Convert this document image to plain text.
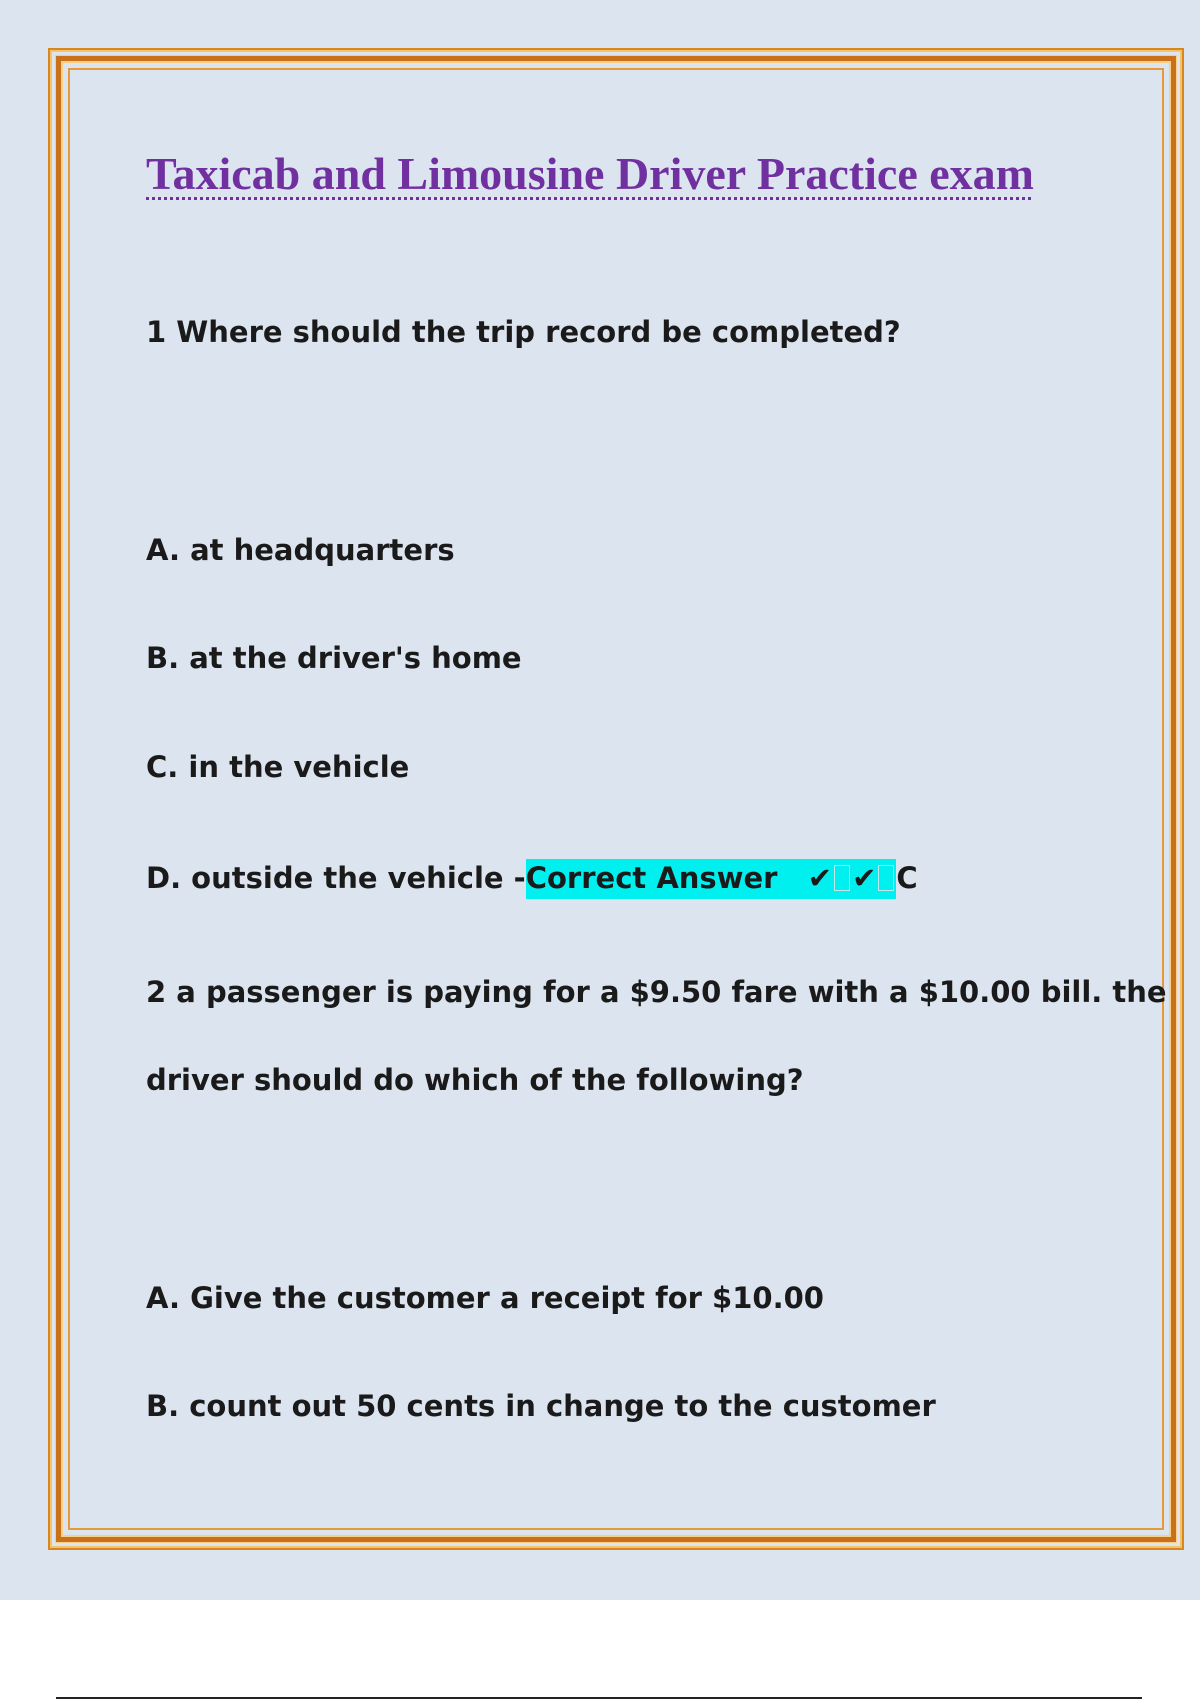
Taxicab and Limousine Driver Practice exam
1 Where should the trip record be completed?
A. at headquarters
B. at the driver's home
C. in the vehicle
D. outside the vehicle -Correct Answer ✔ ✔ C
2 a passenger is paying for a $9.50 fare with a $10.00 bill. the
driver should do which of the following?
A. Give the customer a receipt for $10.00
B. count out 50 cents in change to the customer
